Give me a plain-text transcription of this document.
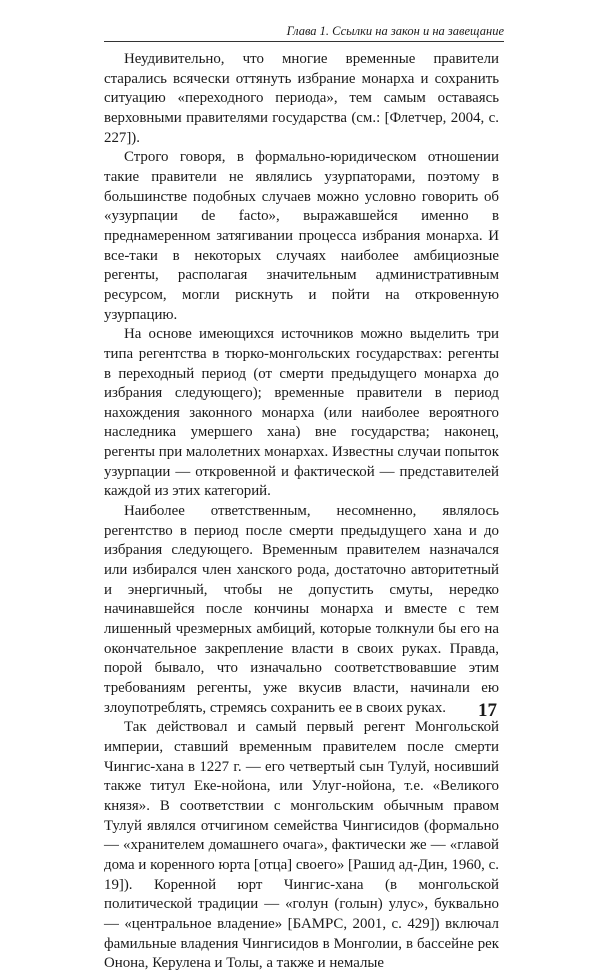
Глава 1. Ссылки на закон и на завещание

Неудивительно, что многие временные правители старались всячески оттянуть избрание монарха и сохранить ситуацию «переходного периода», тем самым оставаясь верховными правителями государства (см.: [Флетчер, 2004, с. 227]).

Строго говоря, в формально-юридическом отношении такие правители не являлись узурпаторами, поэтому в большинстве подобных случаев можно условно говорить об «узурпации de facto», выражавшейся именно в преднамеренном затягивании процесса избрания монарха. И все-таки в некоторых случаях наиболее амбициозные регенты, располагая значительным административным ресурсом, могли рискнуть и пойти на откровенную узурпацию.

На основе имеющихся источников можно выделить три типа регентства в тюрко-монгольских государствах: регенты в переходный период (от смерти предыдущего монарха до избрания следующего); временные правители в период нахождения законного монарха (или наиболее вероятного наследника умершего хана) вне государства; наконец, регенты при малолетних монархах. Известны случаи попыток узурпации — откровенной и фактической — представителей каждой из этих категорий.

Наиболее ответственным, несомненно, являлось регентство в период после смерти предыдущего хана и до избрания следующего. Временным правителем назначался или избирался член ханского рода, достаточно авторитетный и энергичный, чтобы не допустить смуты, нередко начинавшейся после кончины монарха и вместе с тем лишенный чрезмерных амбиций, которые толкнули бы его на окончательное закрепление власти в своих руках. Правда, порой бывало, что изначально соответствовавшие этим требованиям регенты, уже вкусив власти, начинали ею злоупотреблять, стремясь сохранить ее в своих руках.

Так действовал и самый первый регент Монгольской империи, ставший временным правителем после смерти Чингис-хана в 1227 г. — его четвертый сын Тулуй, носивший также титул Еке-нойона, или Улуг-нойона, т.е. «Великого князя». В соответствии с монгольским обычным правом Тулуй являлся отчигином семейства Чингисидов (формально — «хранителем домашнего очага», фактически же — «главой дома и коренного юрта [отца] своего» [Рашид ад-Дин, 1960, с. 19]). Коренной юрт Чингис-хана (в монгольской политической традиции — «голун (голын) улус», буквально — «центральное владение» [БАМРС, 2001, с. 429]) включал фамильные владения Чингисидов в Монголии, в бассейне рек Онона, Керулена и Толы, а также и немалые

17
